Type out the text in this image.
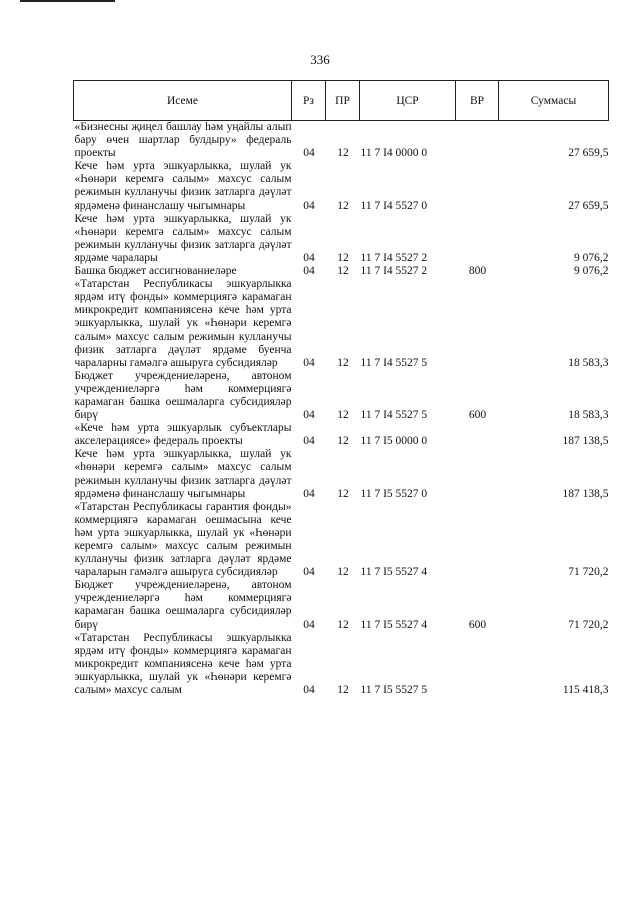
336
Исеме	Рз	ПР	ЦСР	ВР	Суммасы
«Бизнесны җиңел башлау һәм уңайлы алып бару өчен шартлар булдыру» федераль проекты	04	12	11 7 I4 0000 0		27 659,5
Кече һәм урта эшкуарлыкка, шулай ук «Һөнәри керемгә салым» махсус салым режимын кулланучы физик затларга дәүләт ярдәменә финанслашу чыгымнары	04	12	11 7 I4 5527 0		27 659,5
Кече һәм урта эшкуарлыкка, шулай ук «Һөнәри керемгә салым» махсус салым режимын кулланучы физик затларга дәүләт ярдәме чаралары	04	12	11 7 I4 5527 2		9 076,2
Башка бюджет ассигнованиеләре	04	12	11 7 I4 5527 2	800	9 076,2
«Татарстан Республикасы эшкуарлыкка ярдәм итү фонды» коммерциягә карамаган микрокредит компаниясенә кече һәм урта эшкуарлыкка, шулай ук «Һөнәри керемгә салым» махсус салым режимын кулланучы физик затларга дәүләт ярдәме буенча чараларны гамәлгә ашыруга субсидияләр	04	12	11 7 I4 5527 5		18 583,3
Бюджет учреждениеләренә, автоном учреждениеләргә һәм коммерциягә карамаган башка оешмаларга субсидияләр бирү	04	12	11 7 I4 5527 5	600	18 583,3
«Кече һәм урта эшкуарлык субъектлары акселерациясе» федераль проекты	04	12	11 7 I5 0000 0		187 138,5
Кече һәм урта эшкуарлыкка, шулай ук «һөнәри керемгә салым» махсус салым режимын кулланучы физик затларга дәүләт ярдәменә финанслашу чыгымнары	04	12	11 7 I5 5527 0		187 138,5
«Татарстан Республикасы гарантия фонды» коммерциягә карамаган оешмасына кече һәм урта эшкуарлыкка, шулай ук «Һөнәри керемгә салым» махсус салым режимын кулланучы физик затларга дәүләт ярдәме чараларын гамәлгә ашыруга субсидияләр	04	12	11 7 I5 5527 4		71 720,2
Бюджет учреждениеләренә, автоном учреждениеләргә һәм коммерциягә карамаган башка оешмаларга субсидияләр бирү	04	12	11 7 I5 5527 4	600	71 720,2
«Татарстан Республикасы эшкуарлыкка ярдәм итү фонды» коммерциягә карамаган микрокредит компаниясенә кече һәм урта эшкуарлыкка, шулай ук «Һөнәри керемгә салым» махсус салым	04	12	11 7 I5 5527 5		115 418,3
